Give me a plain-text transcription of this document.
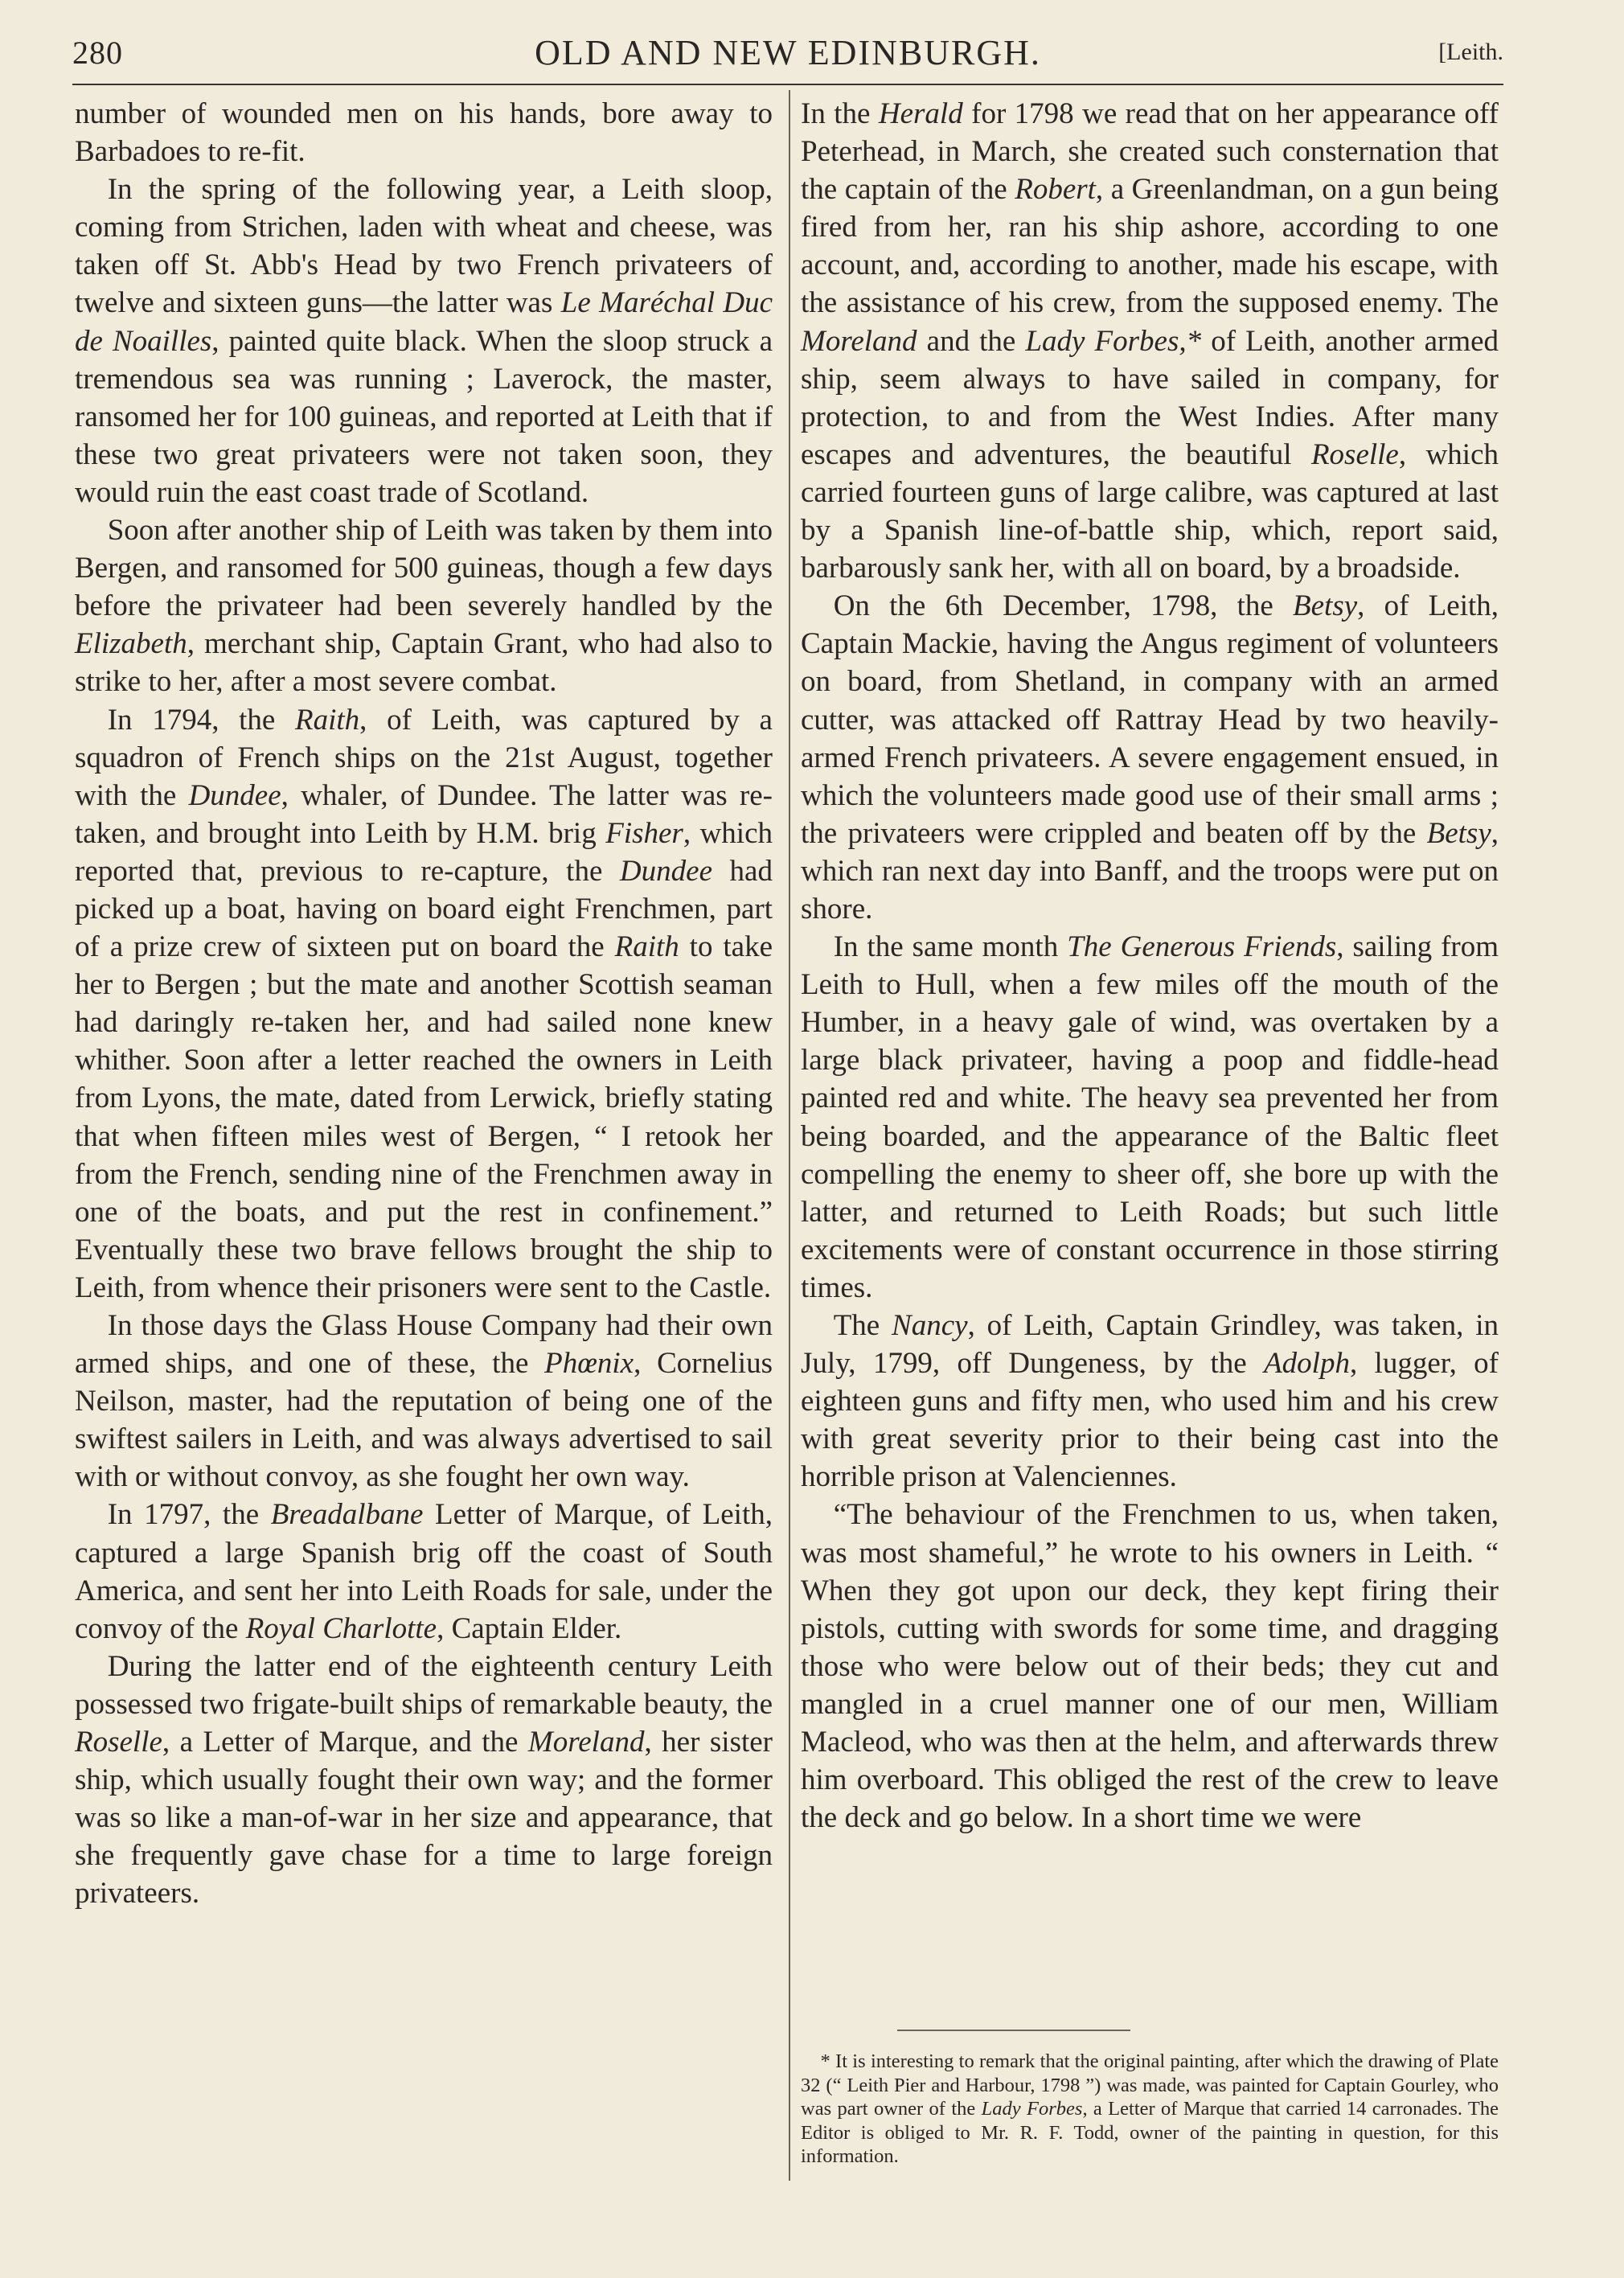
280	OLD AND NEW EDINBURGH.	[Leith.

number of wounded men on his hands, bore away to Barbadoes to re-fit.

In the spring of the following year, a Leith sloop, coming from Strichen, laden with wheat and cheese, was taken off St. Abb's Head by two French privateers of twelve and sixteen guns—the latter was Le Maréchal Duc de Noailles, painted quite black. When the sloop struck a tremendous sea was running ; Laverock, the master, ransomed her for 100 guineas, and reported at Leith that if these two great privateers were not taken soon, they would ruin the east coast trade of Scotland.

Soon after another ship of Leith was taken by them into Bergen, and ransomed for 500 guineas, though a few days before the privateer had been severely handled by the Elizabeth, merchant ship, Captain Grant, who had also to strike to her, after a most severe combat.

In 1794, the Raith, of Leith, was captured by a squadron of French ships on the 21st August, together with the Dundee, whaler, of Dundee. The latter was re-taken, and brought into Leith by H.M. brig Fisher, which reported that, previous to re-capture, the Dundee had picked up a boat, having on board eight Frenchmen, part of a prize crew of sixteen put on board the Raith to take her to Bergen ; but the mate and another Scottish seaman had daringly re-taken her, and had sailed none knew whither. Soon after a letter reached the owners in Leith from Lyons, the mate, dated from Lerwick, briefly stating that when fifteen miles west of Bergen, “ I retook her from the French, sending nine of the Frenchmen away in one of the boats, and put the rest in confinement.” Eventually these two brave fellows brought the ship to Leith, from whence their prisoners were sent to the Castle.

In those days the Glass House Company had their own armed ships, and one of these, the Phœnix, Cornelius Neilson, master, had the reputation of being one of the swiftest sailers in Leith, and was always advertised to sail with or without convoy, as she fought her own way.

In 1797, the Breadalbane Letter of Marque, of Leith, captured a large Spanish brig off the coast of South America, and sent her into Leith Roads for sale, under the convoy of the Royal Charlotte, Captain Elder.

During the latter end of the eighteenth century Leith possessed two frigate-built ships of remarkable beauty, the Roselle, a Letter of Marque, and the Moreland, her sister ship, which usually fought their own way; and the former was so like a man-of-war in her size and appearance, that she frequently gave chase for a time to large foreign privateers.

In the Herald for 1798 we read that on her appearance off Peterhead, in March, she created such consternation that the captain of the Robert, a Greenlandman, on a gun being fired from her, ran his ship ashore, according to one account, and, according to another, made his escape, with the assistance of his crew, from the supposed enemy. The Moreland and the Lady Forbes,* of Leith, another armed ship, seem always to have sailed in company, for protection, to and from the West Indies. After many escapes and adventures, the beautiful Roselle, which carried fourteen guns of large calibre, was captured at last by a Spanish line-of-battle ship, which, report said, barbarously sank her, with all on board, by a broadside.

On the 6th December, 1798, the Betsy, of Leith, Captain Mackie, having the Angus regiment of volunteers on board, from Shetland, in company with an armed cutter, was attacked off Rattray Head by two heavily-armed French privateers. A severe engagement ensued, in which the volunteers made good use of their small arms ; the privateers were crippled and beaten off by the Betsy, which ran next day into Banff, and the troops were put on shore.

In the same month The Generous Friends, sailing from Leith to Hull, when a few miles off the mouth of the Humber, in a heavy gale of wind, was overtaken by a large black privateer, having a poop and fiddle-head painted red and white. The heavy sea prevented her from being boarded, and the appearance of the Baltic fleet compelling the enemy to sheer off, she bore up with the latter, and returned to Leith Roads; but such little excitements were of constant occurrence in those stirring times.

The Nancy, of Leith, Captain Grindley, was taken, in July, 1799, off Dungeness, by the Adolph, lugger, of eighteen guns and fifty men, who used him and his crew with great severity prior to their being cast into the horrible prison at Valenciennes.

“The behaviour of the Frenchmen to us, when taken, was most shameful,” he wrote to his owners in Leith. “ When they got upon our deck, they kept firing their pistols, cutting with swords for some time, and dragging those who were below out of their beds; they cut and mangled in a cruel manner one of our men, William Macleod, who was then at the helm, and afterwards threw him overboard. This obliged the rest of the crew to leave the deck and go below. In a short time we were

* It is interesting to remark that the original painting, after which the drawing of Plate 32 (“ Leith Pier and Harbour, 1798 ”) was made, was painted for Captain Gourley, who was part owner of the Lady Forbes, a Letter of Marque that carried 14 carronades. The Editor is obliged to Mr. R. F. Todd, owner of the painting in question, for this information.
